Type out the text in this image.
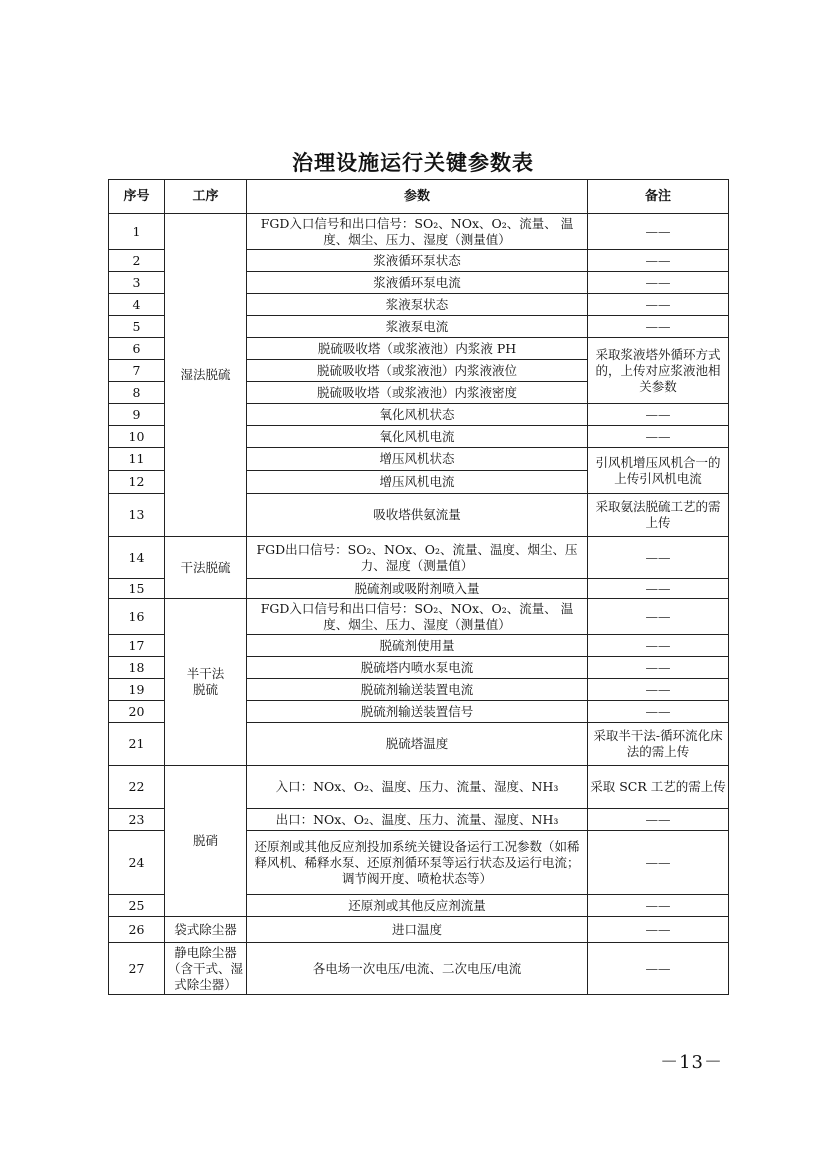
治理设施运行关键参数表
序号	工序	参数	备注
1	湿法脱硫	FGD入口信号和出口信号：SO₂、NOx、O₂、流量、 温度、烟尘、压力、湿度（测量值）	——
2		浆液循环泵状态	——
3		浆液循环泵电流	——
4		浆液泵状态	——
5		浆液泵电流	——
6		脱硫吸收塔（或浆液池）内浆液 PH	采取浆液塔外循环方式的，上传对应浆液池相关参数
7		脱硫吸收塔（或浆液池）内浆液液位	
8		脱硫吸收塔（或浆液池）内浆液密度	
9		氧化风机状态	——
10		氧化风机电流	——
11		增压风机状态	引风机增压风机合一的上传引风机电流
12		增压风机电流	
13		吸收塔供氨流量	采取氨法脱硫工艺的需上传
14	干法脱硫	FGD出口信号：SO₂、NOx、O₂、流量、温度、烟尘、压力、湿度（测量值）	——
15		脱硫剂或吸附剂喷入量	——
16	半干法
脱硫	FGD入口信号和出口信号：SO₂、NOx、O₂、流量、 温度、烟尘、压力、湿度（测量值）	——
17		脱硫剂使用量	——
18		脱硫塔内喷水泵电流	——
19		脱硫剂输送装置电流	——
20		脱硫剂输送装置信号	——
21		脱硫塔温度	采取半干法-循环流化床法的需上传
22	脱硝	入口：NOx、O₂、温度、压力、流量、湿度、NH₃	采取 SCR 工艺的需上传
23		出口：NOx、O₂、温度、压力、流量、湿度、NH₃	——
24		还原剂或其他反应剂投加系统关键设备运行工况参数（如稀释风机、稀释水泵、还原剂循环泵等运行状态及运行电流；调节阀开度、喷枪状态等）	——
25		还原剂或其他反应剂流量	——
26	袋式除尘器	进口温度	——
27	静电除尘器（含干式、湿式除尘器）	各电场一次电压/电流、二次电压/电流	——
－13－
